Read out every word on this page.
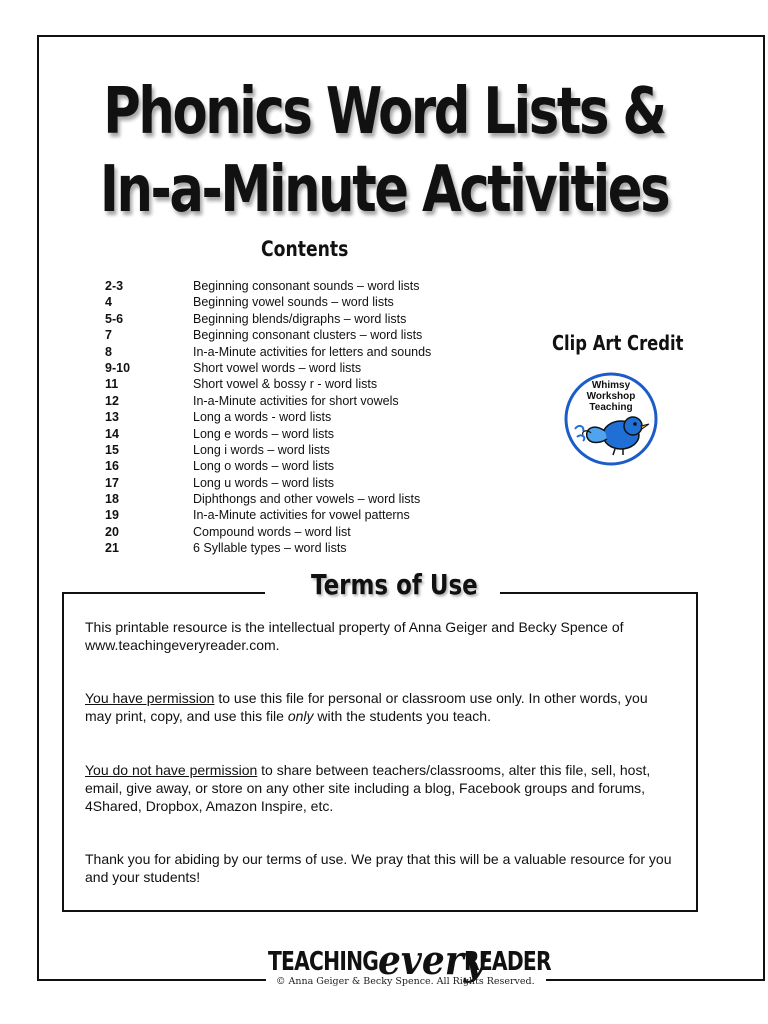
Phonics Word Lists &
In-a-Minute Activities
Contents
2-3	Beginning consonant sounds – word lists
4	Beginning vowel sounds – word lists
5-6	Beginning blends/digraphs – word lists
7	Beginning consonant clusters – word lists
8	In-a-Minute activities for letters and sounds
9-10	Short vowel words – word lists
11	Short vowel & bossy r - word lists
12	In-a-Minute activities for short vowels
13	Long a words - word lists
14	Long e words – word lists
15	Long i words – word lists
16	Long o words – word lists
17	Long u words – word lists
18	Diphthongs and other vowels – word lists
19	In-a-Minute activities for vowel patterns
20	Compound words – word list
21	6 Syllable types – word lists
Clip Art Credit
Whimsy
Workshop
Teaching
Terms of Use
This printable resource is the intellectual property of Anna Geiger and Becky Spence of www.teachingeveryreader.com.
You have permission to use this file for personal or classroom use only. In other words, you may print, copy, and use this file only with the students you teach.
You do not have permission to share between teachers/classrooms, alter this file, sell, host, email, give away, or store on any other site including a blog, Facebook groups and forums, 4Shared, Dropbox, Amazon Inspire, etc.
Thank you for abiding by our terms of use. We pray that this will be a valuable resource for you and your students!
TEACHING every
READER
© Anna Geiger & Becky Spence. All Rights Reserved.
